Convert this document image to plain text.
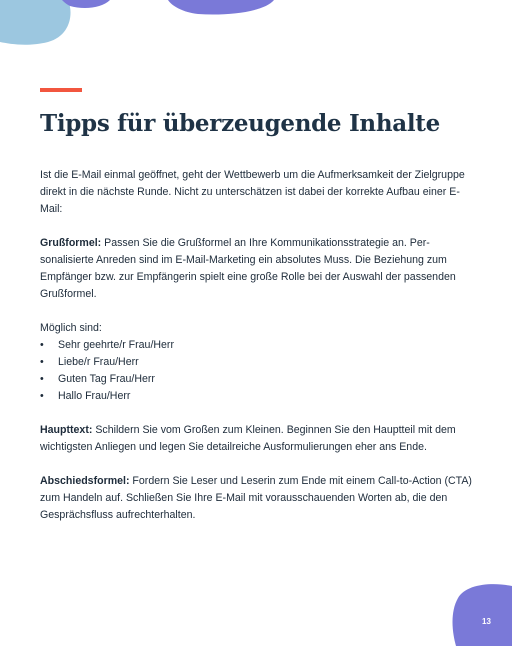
Tipps für überzeugende Inhalte

Ist die E-Mail einmal geöffnet, geht der Wettbewerb um die Aufmerksamkeit der Zielgruppe direkt in die nächste Runde. Nicht zu unterschätzen ist dabei der korrekte Aufbau einer E-Mail:

Grußformel: Passen Sie die Grußformel an Ihre Kommunikationsstrategie an. Personalisierte Anreden sind im E-Mail-Marketing ein absolutes Muss. Die Beziehung zum Empfänger bzw. zur Empfängerin spielt eine große Rolle bei der Auswahl der passenden Grußformel.

Möglich sind:

• Sehr geehrte/r Frau/Herr
• Liebe/r Frau/Herr
• Guten Tag Frau/Herr
• Hallo Frau/Herr

Haupttext: Schildern Sie vom Großen zum Kleinen. Beginnen Sie den Hauptteil mit dem wichtigsten Anliegen und legen Sie detailreiche Ausformulierungen eher ans Ende.

Abschiedsformel: Fordern Sie Leser und Leserin zum Ende mit einem Call-to-Action (CTA) zum Handeln auf. Schließen Sie Ihre E-Mail mit vorausschauenden Worten ab, die den Gesprächsfluss aufrechterhalten.

13
